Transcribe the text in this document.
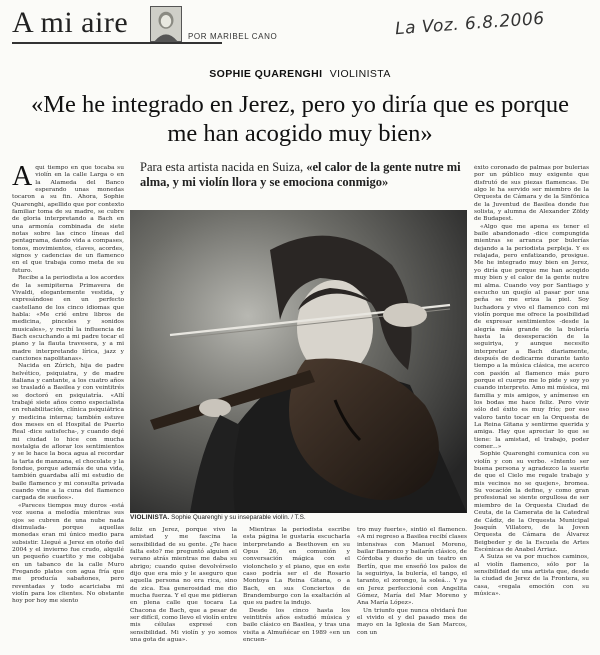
A mi aire	POR MARIBEL CANO	La Voz. 6.8.2006
SOPHIE QUARENGHI VIOLINISTA
«Me he integrado en Jerez, pero yo diría que es porque me han acogido muy bien»
Para esta artista nacida en Suiza, «el calor de la gente nutre mi alma, y mi violín llora y se emociona conmigo»

Aquí tiempo en que tocaba su violín en la calle Larga o en la Alameda del Banco esperando unas monedas tocaron a su fin. Ahora, Sophie Quarenghi, apellido que por contexto familiar toma de su madre, se cubre de gloria interpretando a Bach en una armonía combinada de siete notas sobre las cinco líneas del pentagrama, dando vida a compases, tonos, movimientos, claves, acordes, signos y cadencias de un flamenco en el que trabaja como meta de su futuro.

Recibe a la periodista a los acordes de la semipiterna Primavera de Vivaldi, elegantemente vestida, y expresándose en un perfecto castellano de los cinco idiomas que habla: «Me crié entre libros de medicina, pinceles y sonidos musicales», y recibí la influencia de Bach escuchando a mi padre tocar el piano y la flauta travesera, y a mi madre interpretando lírica, jazz y canciones napolitanas».

Nacida en Zúrich, hija de padre helvético, psiquiatra, y de madre italiana y cantante, a los cuatro años se trasladó a Basilea y con veintitrés se doctoró en psiquiatría. «Allí trabajé siete años como especialista en rehabilitación, clínica psiquiátrica y medicina interna; también estuve dos meses en el Hospital de Puerto Real -dice satisfecha-, y cuando dejé mi ciudad lo hice con mucha nostalgia de aflorar los sentimientos y se le hace la boca agua al recordar la tarta de manzana, el chocolate y la fondue, porque además de una vida, también guardaba allí mi estudio de baile flamenco y mi consulta privada cuando vine a la cuna del flamenco cargada de sueños».

«Pareces tiempos muy duros -está voz suena a melodía mientras sus ojos se cubren de una nube nada disimulada- porque aquellas monedas eran mi único medio para subsistir. Llegué a Jerez en otoño del 2004 y el invierno fue crudo, alquilé un pequeño cuartito y me cobijaba en un tabanco de la calle Muro Fregando platos con agua fría que me producía sabañones, pero reventadas y todo acariciaba mi violín para los clientes. No obstante hoy por hoy me siento

VIOLINISTA. Sophie Quarenghi y su inseparable violín. / T.S.

feliz en Jerez, porque vivo la amistad y me fascina la sensibilidad de su gente. ¿Te hace falta esto? me preguntó alguien el verano atrás mientras me daba su abrigo; cuando quise devolvérselo dijo que era mío y le aseguro que aquella persona no era rica, sino de zica. Esa generosidad me dio mucha fuerza. Y el que me pidieran en plena calle que tocara La Chacona de Bach, que a pesar de ser difícil, como llevo el violín entre mis células expresé con sensibilidad. Mi violín y yo somos una gota de agua».

Mientras la periodista escribe esta página le gustaría escucharla interpretando a Beethoven en su Opus 26, en comunión y conversación mágica con el violonchelo y el piano, que en este caso podría ser el de Rosario Montoya La Reina Gitana, o a Bach, en sus Conciertos de Brandemburgo con la exaltación al que su padre la indujo.

Desde los cinco hasta los veintitrés años estudió música y baile clásico en Basilea, y tras una visita a Almuñécar en 1989 «en un encuen-

tro muy fuerte», sintió el flamenco. «A mi regreso a Basilea recibí clases intensivas con Manuel Moreno, bailar flamenco y bailarín clásico, de Córdoba y dueño de un teatro en Berlín, que me enseñó los palos de la seguiriya, la bulería, el tango, el taranto, el zorongo, la soleá... Y ya en Jerez perfeccioné con Angelita Gómez, María del Mar Moreno y Ana María López».

Un triunfo que nunca olvidará fue el vivido el y del pasado mes de mayo en la Iglesia de San Marcos, con un

éxito coronado de palmas por bulerías por un público muy exigente que disfrutó de sus piezas flamencas. De algo le ha servido ser miembro de la Orquesta de Cámara y de la Sinfónica de la Juventud de Basilea donde fue solista, y alumna de Alexander Zöldy de Budapest.

«Algo que me apena es tener el baile abandonado -dice compungida mientras se arranca por bulerías dejando a la periodista perpleja. Y es relajada, pero enfatizando, prosigue. Me he integrado muy bien en Jerez, yo diría que porque me han acogido muy bien y el calor de la gente nutre mi alma. Cuando voy por Santiago y escucho un quejío al pasar por una peña se me eriza la piel. Soy luchadora y vivo el flamenco con mi violín porque me ofrece la posibilidad de expresar sentimientos -desde la alegría más grande de la bulería hasta la desesperación de la seguiriya, y aunque necesito interpretar a Bach diariamente, después de dedicarme durante tanto tiempo a la música clásica, me acerco con pasión al flamenco más puro porque el cuerpo me lo pide y soy yo cuando interpreto. Amo mi música, mi familia y mis amigos, y anímense en los bodas me hace feliz. Pero vivir sólo del éxito es muy frío; por eso valoro tanto tocar en la Orquesta de La Reina Gitana y sentirme querida y amiga. Hay que apreciar lo que se tiene: la amistad, el trabajo, poder comer...»

Sophie Quarenghi comunica con su violín y con su verbo. «Intento ser buena persona y agradezco la suerte de que el Cielo me regale trabajo y mis vecinos no se quejen», bromea. Su vocación la define, y como gran profesional se siente orgullosa de ser miembro de la Orquesta Ciudad de Ceuta, de la Camerata de la Catedral de Cádiz, de la Orquesta Municipal Joaquín Villatoro, de la Joven Orquesta de Cámara de Álvarez Beigbeder y de la Escuela de Artes Escénicas de Anabel Arriaz.

A Suiza se va por muchos caminos, al violín flamenco, sólo por la sensibilidad de una artista que, desde la ciudad de Jerez de la Frontera, su casa, «regala emoción con su música».
